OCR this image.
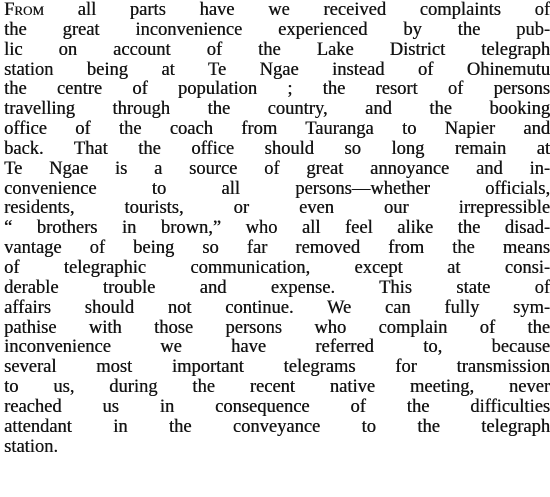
From all parts have we received complaints of
the great inconvenience experienced by the pub-
lic on account of the Lake District telegraph
station being at Te Ngae instead of Ohinemutu
the centre of population ; the resort of persons
travelling through the country, and the booking
office of the coach from Tauranga to Napier and
back. That the office should so long remain at
Te Ngae is a source of great annoyance and in-
convenience to all persons—whether officials,
residents, tourists, or even our irrepressible
“ brothers in brown,” who all feel alike the disad-
vantage of being so far removed from the means
of telegraphic communication, except at consi-
derable trouble and expense. This state of
affairs should not continue. We can fully sym-
pathise with those persons who complain of the
inconvenience we have referred to, because
several most important telegrams for transmission
to us, during the recent native meeting, never
reached us in consequence of the difficulties
attendant in the conveyance to the telegraph
station.
